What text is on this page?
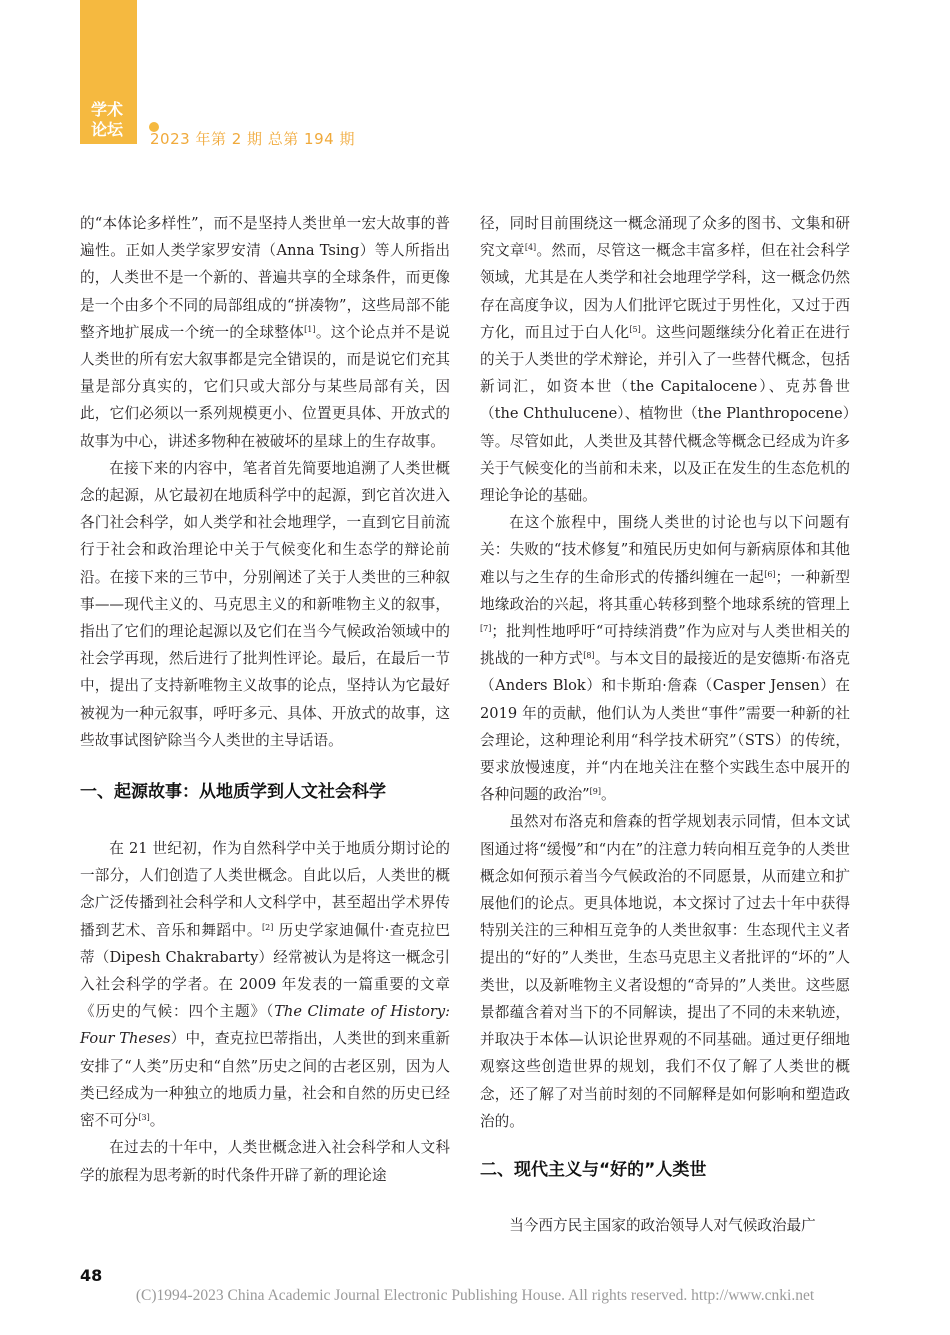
学术
论坛	2023 年第 2 期 总第 194 期

的“本体论多样性”，而不是坚持人类世单一宏大故事的普遍性。正如人类学家罗安清（Anna Tsing）等人所指出的，人类世不是一个新的、普遍共享的全球条件，而更像是一个由多个不同的局部组成的“拼凑物”，这些局部不能整齐地扩展成一个统一的全球整体[1]。这个论点并不是说人类世的所有宏大叙事都是完全错误的，而是说它们充其量是部分真实的，它们只或大部分与某些局部有关，因此，它们必须以一系列规模更小、位置更具体、开放式的故事为中心，讲述多物种在被破坏的星球上的生存故事。

在接下来的内容中，笔者首先简要地追溯了人类世概念的起源，从它最初在地质科学中的起源，到它首次进入各门社会科学，如人类学和社会地理学，一直到它目前流行于社会和政治理论中关于气候变化和生态学的辩论前沿。在接下来的三节中，分别阐述了关于人类世的三种叙事——现代主义的、马克思主义的和新唯物主义的叙事，指出了它们的理论起源以及它们在当今气候政治领域中的社会学再现，然后进行了批判性评论。最后，在最后一节中，提出了支持新唯物主义故事的论点，坚持认为它最好被视为一种元叙事，呼吁多元、具体、开放式的故事，这些故事试图铲除当今人类世的主导话语。

一、起源故事：从地质学到人文社会科学

在 21 世纪初，作为自然科学中关于地质分期讨论的一部分，人们创造了人类世概念。自此以后，人类世的概念广泛传播到社会科学和人文科学中，甚至超出学术界传播到艺术、音乐和舞蹈中。[2] 历史学家迪佩什·查克拉巴蒂（Dipesh Chakrabarty）经常被认为是将这一概念引入社会科学的学者。在 2009 年发表的一篇重要的文章《历史的气候：四个主题》（The Climate of History: Four Theses）中，查克拉巴蒂指出，人类世的到来重新安排了“人类”历史和“自然”历史之间的古老区别，因为人类已经成为一种独立的地质力量，社会和自然的历史已经密不可分[3]。

在过去的十年中，人类世概念进入社会科学和人文科学的旅程为思考新的时代条件开辟了新的理论途

径，同时目前围绕这一概念涌现了众多的图书、文集和研究文章[4]。然而，尽管这一概念丰富多样，但在社会科学领域，尤其是在人类学和社会地理学学科，这一概念仍然存在高度争议，因为人们批评它既过于男性化，又过于西方化，而且过于白人化[5]。这些问题继续分化着正在进行的关于人类世的学术辩论，并引入了一些替代概念，包括新词汇，如资本世（the Capitalocene）、克苏鲁世（the Chthulucene）、植物世（the Planthropocene）等。尽管如此，人类世及其替代概念等概念已经成为许多关于气候变化的当前和未来，以及正在发生的生态危机的理论争论的基础。

在这个旅程中，围绕人类世的讨论也与以下问题有关：失败的“技术修复”和殖民历史如何与新病原体和其他难以与之生存的生命形式的传播纠缠在一起[6]；一种新型地缘政治的兴起，将其重心转移到整个地球系统的管理上[7]；批判性地呼吁“可持续消费”作为应对与人类世相关的挑战的一种方式[8]。与本文目的最接近的是安德斯·布洛克（Anders Blok）和卡斯珀·詹森（Casper Jensen）在 2019 年的贡献，他们认为人类世“事件”需要一种新的社会理论，这种理论利用“科学技术研究”（STS）的传统，要求放慢速度，并“内在地关注在整个实践生态中展开的各种问题的政治”[9]。

虽然对布洛克和詹森的哲学规划表示同情，但本文试图通过将“缓慢”和“内在”的注意力转向相互竞争的人类世概念如何预示着当今气候政治的不同愿景，从而建立和扩展他们的论点。更具体地说，本文探讨了过去十年中获得特别关注的三种相互竞争的人类世叙事：生态现代主义者提出的“好的”人类世，生态马克思主义者批评的“坏的”人类世，以及新唯物主义者设想的“奇异的”人类世。这些愿景都蕴含着对当下的不同解读，提出了不同的未来轨迹，并取决于本体—认识论世界观的不同基础。通过更仔细地观察这些创造世界的规划，我们不仅了解了人类世的概念，还了解了对当前时刻的不同解释是如何影响和塑造政治的。

二、现代主义与“好的”人类世

当今西方民主国家的政治领导人对气候政治最广

48
(C)1994-2023 China Academic Journal Electronic Publishing House. All rights reserved. http://www.cnki.net
